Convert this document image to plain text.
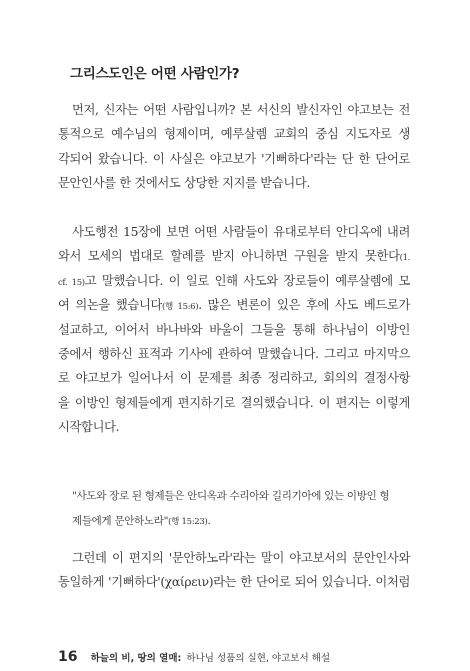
그리스도인은 어떤 사람인가?
먼저, 신자는 어떤 사람입니까? 본 서신의 발신자인 야고보는 전
통적으로 예수님의 형제이며, 예루살렘 교회의 중심 지도자로 생
각되어 왔습니다. 이 사실은 야고보가 '기뻐하다'라는 단 한 단어로
문안인사를 한 것에서도 상당한 지지를 받습니다.
사도행전 15장에 보면 어떤 사람들이 유대로부터 안디옥에 내려
와서 모세의 법대로 할례를 받지 아니하면 구원을 받지 못한다(1.
cf. 15)고 말했습니다. 이 일로 인해 사도와 장로들이 예루살렘에 모
여 의논을 했습니다(행 15:6). 많은 변론이 있은 후에 사도 베드로가
설교하고, 이어서 바나바와 바울이 그들을 통해 하나님이 이방인
중에서 행하신 표적과 기사에 관하여 말했습니다. 그리고 마지막으
로 야고보가 일어나서 이 문제를 최종 정리하고, 회의의 결정사항
을 이방인 형제들에게 편지하기로 결의했습니다. 이 편지는 이렇게
시작합니다.
"사도와 장로 된 형제들은 안디옥과 수리아와 길리기아에 있는 이방인 형
제들에게 문안하노라"(행 15:23).
그런데 이 편지의 '문안하노라'라는 말이 야고보서의 문안인사와
동일하게 '기뻐하다'(χαίρειν)라는 한 단어로 되어 있습니다. 이처럼
16 하늘의 비, 땅의 열매: 하나님 성품의 실현, 야고보서 해설
